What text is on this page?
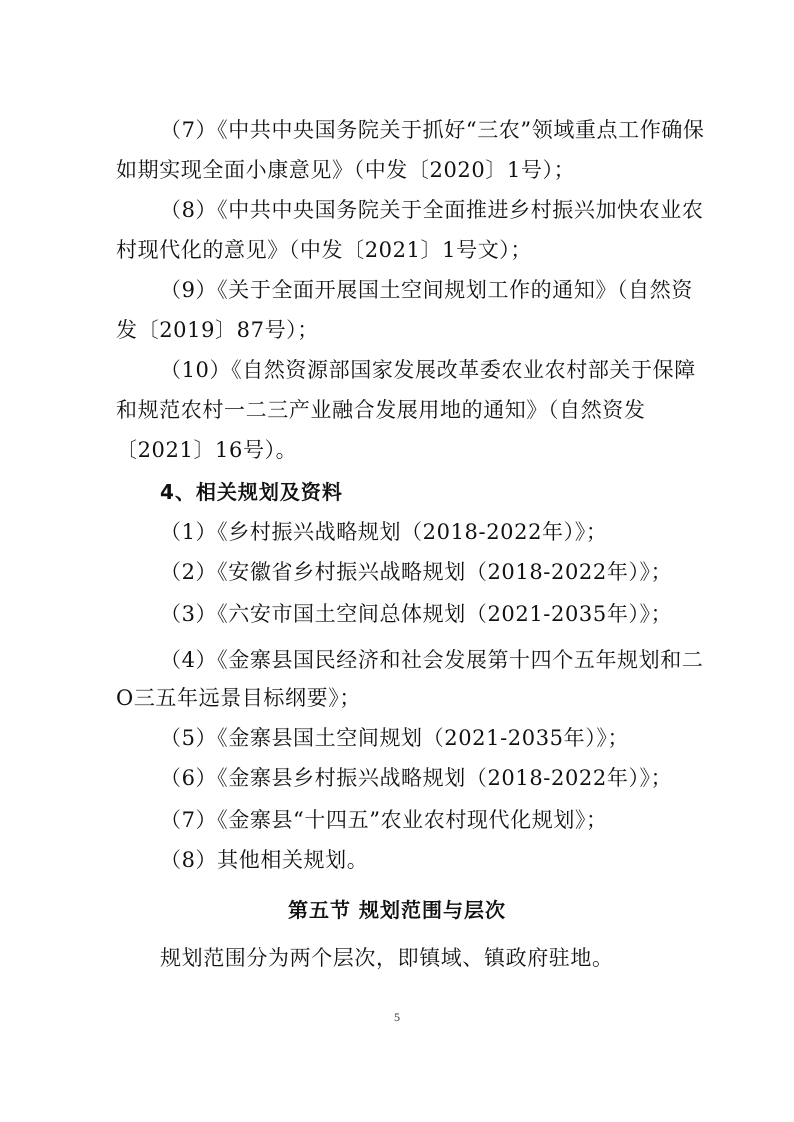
（7）《中共中央国务院关于抓好“三农”领域重点工作确保
如期实现全面小康意见》（中发〔2020〕1号）；
（8）《中共中央国务院关于全面推进乡村振兴加快农业农
村现代化的意见》（中发〔2021〕1号文）；
（9）《关于全面开展国土空间规划工作的通知》（自然资
发〔2019〕87号）；
（10）《自然资源部国家发展改革委农业农村部关于保障
和规范农村一二三产业融合发展用地的通知》（自然资发
〔2021〕16号）。
4、相关规划及资料
（1）《乡村振兴战略规划（2018-2022年）》；
（2）《安徽省乡村振兴战略规划（2018-2022年）》；
（3）《六安市国土空间总体规划（2021-2035年）》；
（4）《金寨县国民经济和社会发展第十四个五年规划和二
O三五年远景目标纲要》；
（5）《金寨县国土空间规划（2021-2035年）》；
（6）《金寨县乡村振兴战略规划（2018-2022年）》；
（7）《金寨县“十四五”农业农村现代化规划》；
（8）其他相关规划。
第五节 规划范围与层次
规划范围分为两个层次，即镇域、镇政府驻地。
5
